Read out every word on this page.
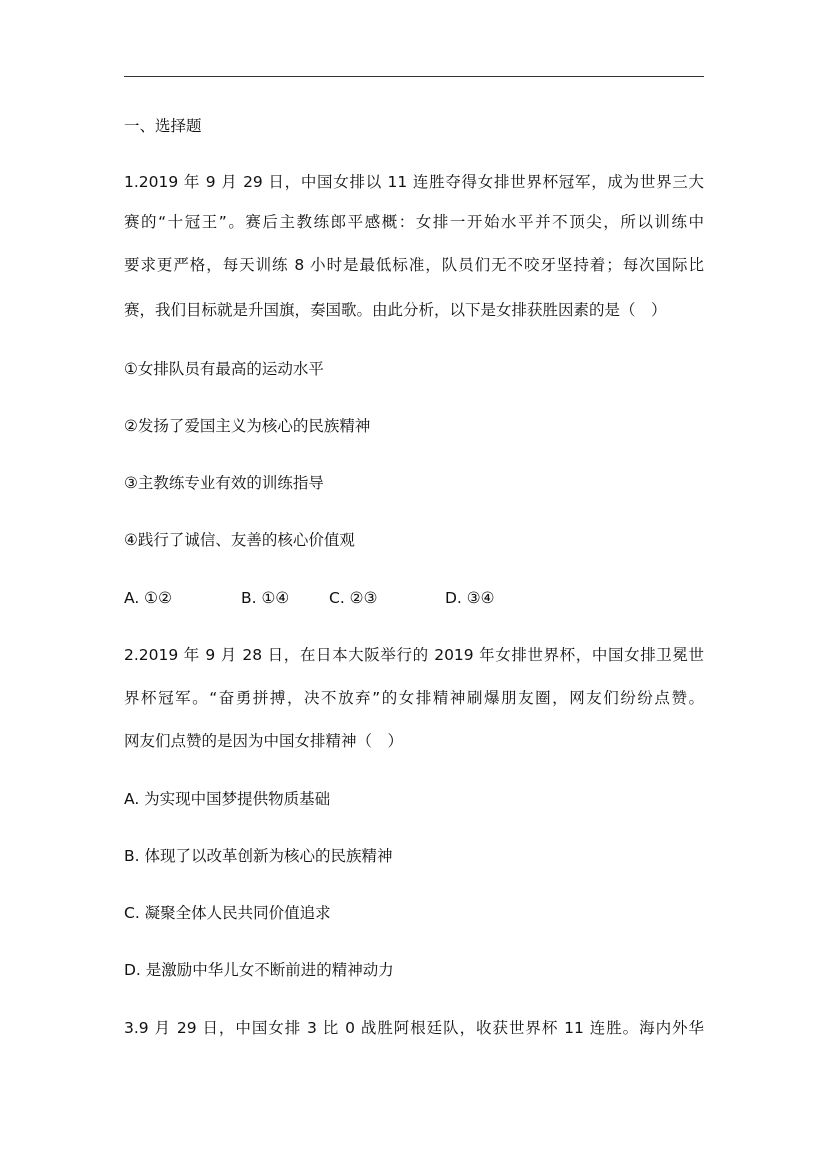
一、选择题
1.2019 年 9 月 29 日，中国女排以 11 连胜夺得女排世界杯冠军，成为世界三大
赛的“十冠王”。赛后主教练郎平感概：女排一开始水平并不顶尖，所以训练中
要求更严格，每天训练 8 小时是最低标准，队员们无不咬牙坚持着；每次国际比
赛，我们目标就是升国旗，奏国歌。由此分析，以下是女排获胜因素的是（　）
①女排队员有最高的运动水平
②发扬了爱国主义为核心的民族精神
③主教练专业有效的训练指导
④践行了诚信、友善的核心价值观
A. ①②	B. ①④	C. ②③	D. ③④
2.2019 年 9 月 28 日，在日本大阪举行的 2019 年女排世界杯，中国女排卫冕世
界杯冠军。“奋勇拼搏，决不放弃”的女排精神刷爆朋友圈，网友们纷纷点赞。
网友们点赞的是因为中国女排精神（　）
A. 为实现中国梦提供物质基础
B. 体现了以改革创新为核心的民族精神
C. 凝聚全体人民共同价值追求
D. 是激励中华儿女不断前进的精神动力
3.9 月 29 日，中国女排 3 比 0 战胜阿根廷队，收获世界杯 11 连胜。海内外华
